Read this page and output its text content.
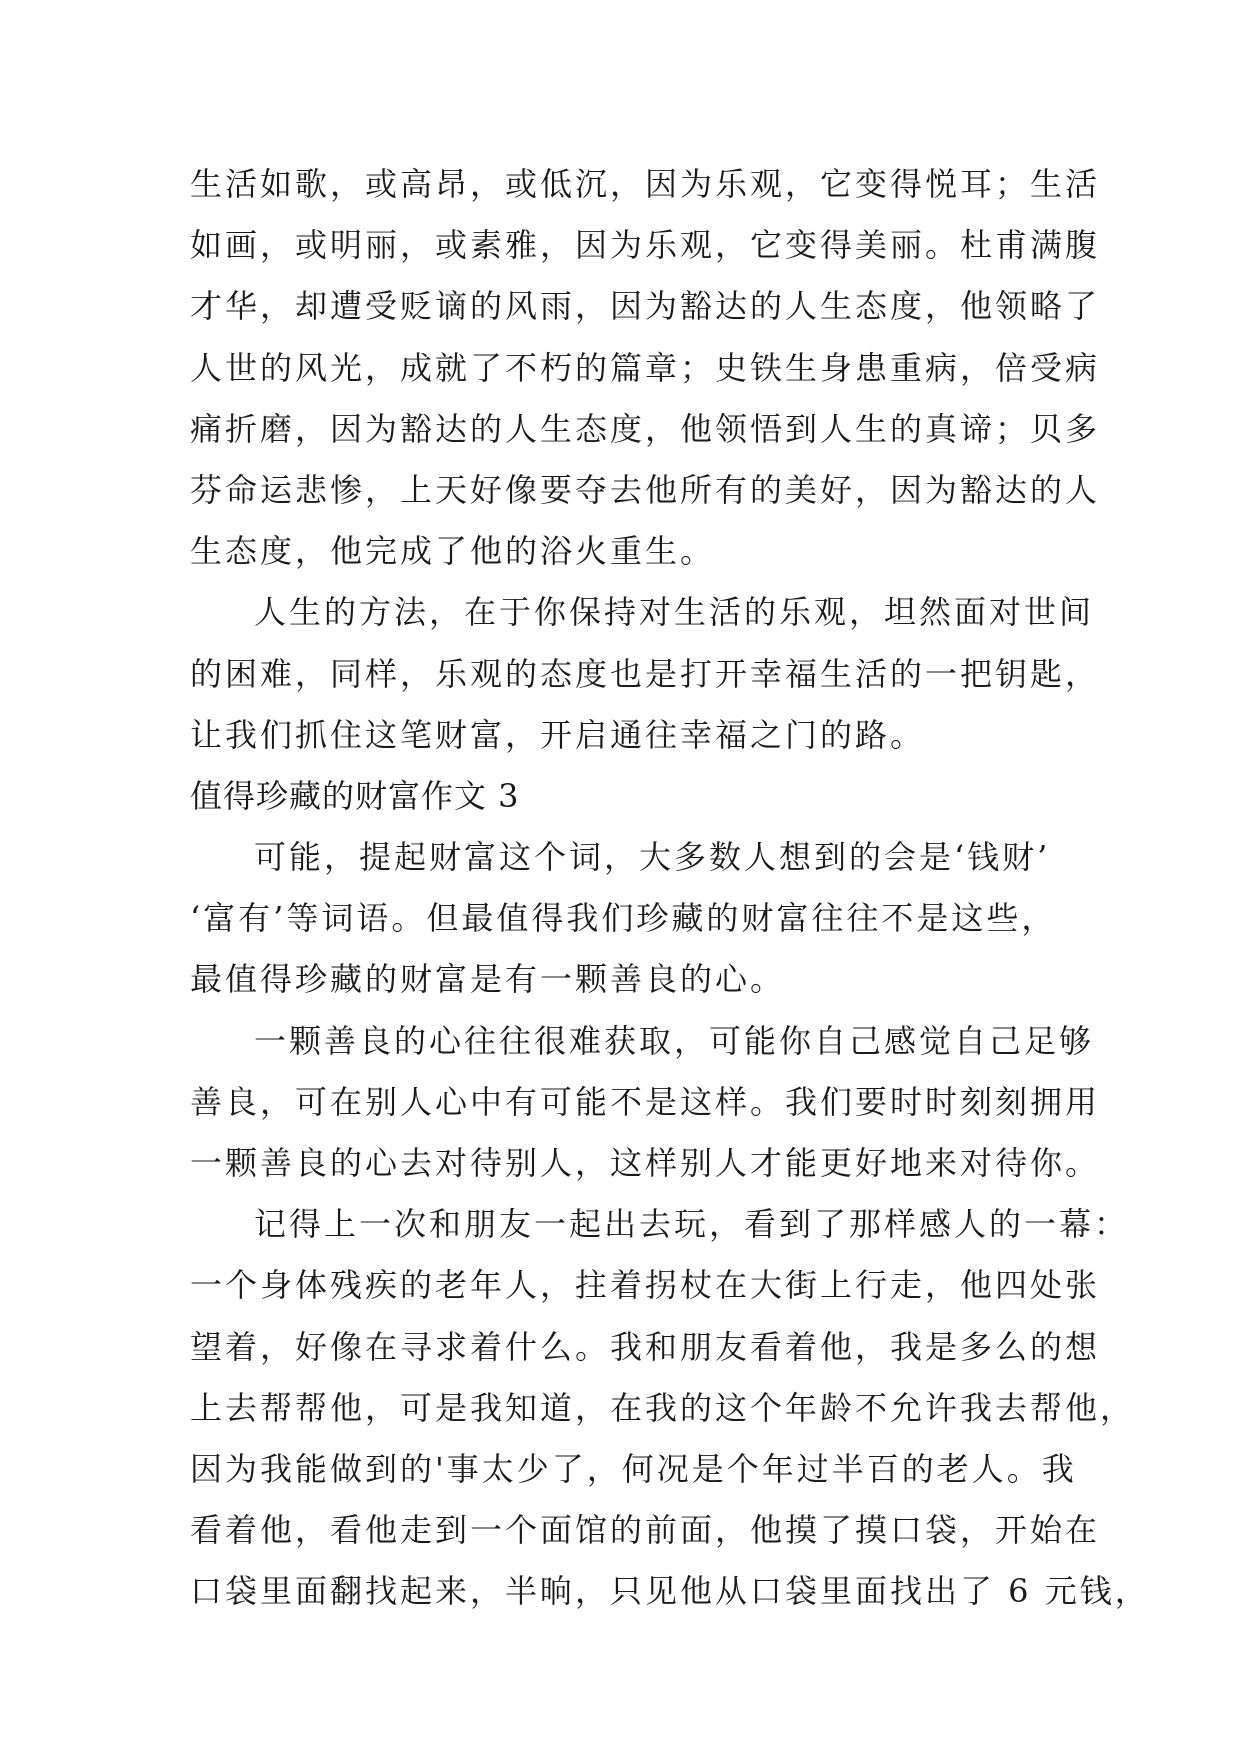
生活如歌，或高昂，或低沉，因为乐观，它变得悦耳；生活
如画，或明丽，或素雅，因为乐观，它变得美丽。杜甫满腹
才华，却遭受贬谪的风雨，因为豁达的人生态度，他领略了
人世的风光，成就了不朽的篇章；史铁生身患重病，倍受病
痛折磨，因为豁达的人生态度，他领悟到人生的真谛；贝多
芬命运悲惨，上天好像要夺去他所有的美好，因为豁达的人
生态度，他完成了他的浴火重生。
人生的方法，在于你保持对生活的乐观，坦然面对世间
的困难，同样，乐观的态度也是打开幸福生活的一把钥匙，
让我们抓住这笔财富，开启通往幸福之门的路。
值得珍藏的财富作文 3
可能，提起财富这个词，大多数人想到的会是‘钱财’
‘富有’等词语。但最值得我们珍藏的财富往往不是这些，
最值得珍藏的财富是有一颗善良的心。
一颗善良的心往往很难获取，可能你自己感觉自己足够
善良，可在别人心中有可能不是这样。我们要时时刻刻拥用
一颗善良的心去对待别人，这样别人才能更好地来对待你。
记得上一次和朋友一起出去玩，看到了那样感人的一幕：
一个身体残疾的老年人，拄着拐杖在大街上行走，他四处张
望着，好像在寻求着什么。我和朋友看着他，我是多么的想
上去帮帮他，可是我知道，在我的这个年龄不允许我去帮他，
因为我能做到的'事太少了，何况是个年过半百的老人。我
看着他，看他走到一个面馆的前面，他摸了摸口袋，开始在
口袋里面翻找起来，半晌，只见他从口袋里面找出了 6 元钱，
